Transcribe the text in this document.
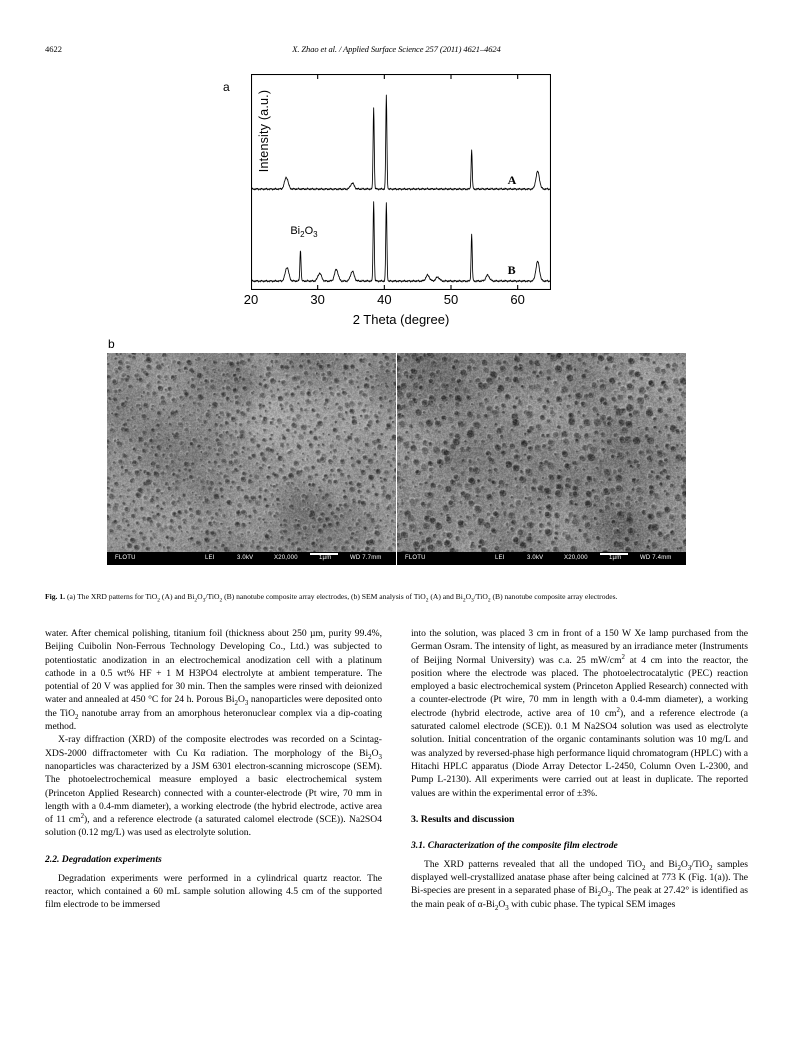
4622	X. Zhao et al. / Applied Surface Science 257 (2011) 4621–4624
a
Intensity (a.u.)
A
B
Bi2O3
20	30	40	50	60
2 Theta (degree)
b
FLOTU	LEI	3.0kV	X20,000	1µm	WD 7.7mm	FLOTU	LEI	3.0kV	X20,000	1µm	WD 7.4mm
Fig. 1. (a) The XRD patterns for TiO$_2$ (A) and $Bi_2O_3/TiO_2$ (B) nanotube composite array electrodes, (b) SEM analysis of TiO$_2$ (A) and $Bi_2O_3/TiO_2$ (B) nanotube composite array electrodes.

water. After chemical polishing, titanium foil (thickness about 250 µm, purity 99.4%, Beijing Cuibolin Non-Ferrous Technology Developing Co., Ltd.) was subjected to potentiostatic anodization in an electrochemical anodization cell with a platinum cathode in a 0.5 wt% HF + 1 M H3PO4 electrolyte at ambient temperature. The potential of 20 V was applied for 30 min. Then the samples were rinsed with deionized water and annealed at 450 °C for 24 h. Porous $Bi_2O_3$ nanoparticles were deposited onto the TiO$_2$ nanotube array from an amorphous heteronuclear complex via a dip-coating method.

X-ray diffraction (XRD) of the composite electrodes was recorded on a Scintag-XDS-2000 diffractometer with Cu Kα radiation. The morphology of the $Bi_2O_3$ nanoparticles was characterized by a JSM 6301 electron-scanning microscope (SEM). The photoelectrochemical measure employed a basic electrochemical system (Princeton Applied Research) connected with a counter-electrode (Pt wire, 70 mm in length with a 0.4-mm diameter), a working electrode (the hybrid electrode, active area of 11 $cm^2$), and a reference electrode (a saturated calomel electrode (SCE)). Na2SO4 solution (0.12 mg/L) was used as electrolyte solution.

2.2. Degradation experiments

Degradation experiments were performed in a cylindrical quartz reactor. The reactor, which contained a 60 mL sample solution allowing 4.5 cm of the supported film electrode to be immersed

into the solution, was placed 3 cm in front of a 150 W Xe lamp purchased from the German Osram. The intensity of light, as measured by an irradiance meter (Instruments of Beijing Normal University) was c.a. 25 $mW/cm^2$ at 4 cm into the reactor, the position where the electrode was placed. The photoelectrocatalytic (PEC) reaction employed a basic electrochemical system (Princeton Applied Research) connected with a counter-electrode (Pt wire, 70 mm in length with a 0.4-mm diameter), a working electrode (hybrid electrode, active area of 10 $cm^2$), and a reference electrode (a saturated calomel electrode (SCE)). 0.1 M Na2SO4 solution was used as electrolyte solution. Initial concentration of the organic contaminants solution was 10 mg/L and was analyzed by reversed-phase high performance liquid chromatogram (HPLC) with a Hitachi HPLC apparatus (Diode Array Detector L-2450, Column Oven L-2300, and Pump L-2130). All experiments were carried out at least in duplicate. The reported values are within the experimental error of ±3%.

3. Results and discussion
3.1. Characterization of the composite film electrode

The XRD patterns revealed that all the undoped TiO$_2$ and $Bi_2O_3/TiO_2$ samples displayed well-crystallized anatase phase after being calcined at 773 K (Fig. 1(a)). The Bi-species are present in a separated phase of $Bi_2O_3$. The peak at 27.42° is identified as the main peak of $\alpha-Bi_2O_3$ with cubic phase. The typical SEM images
